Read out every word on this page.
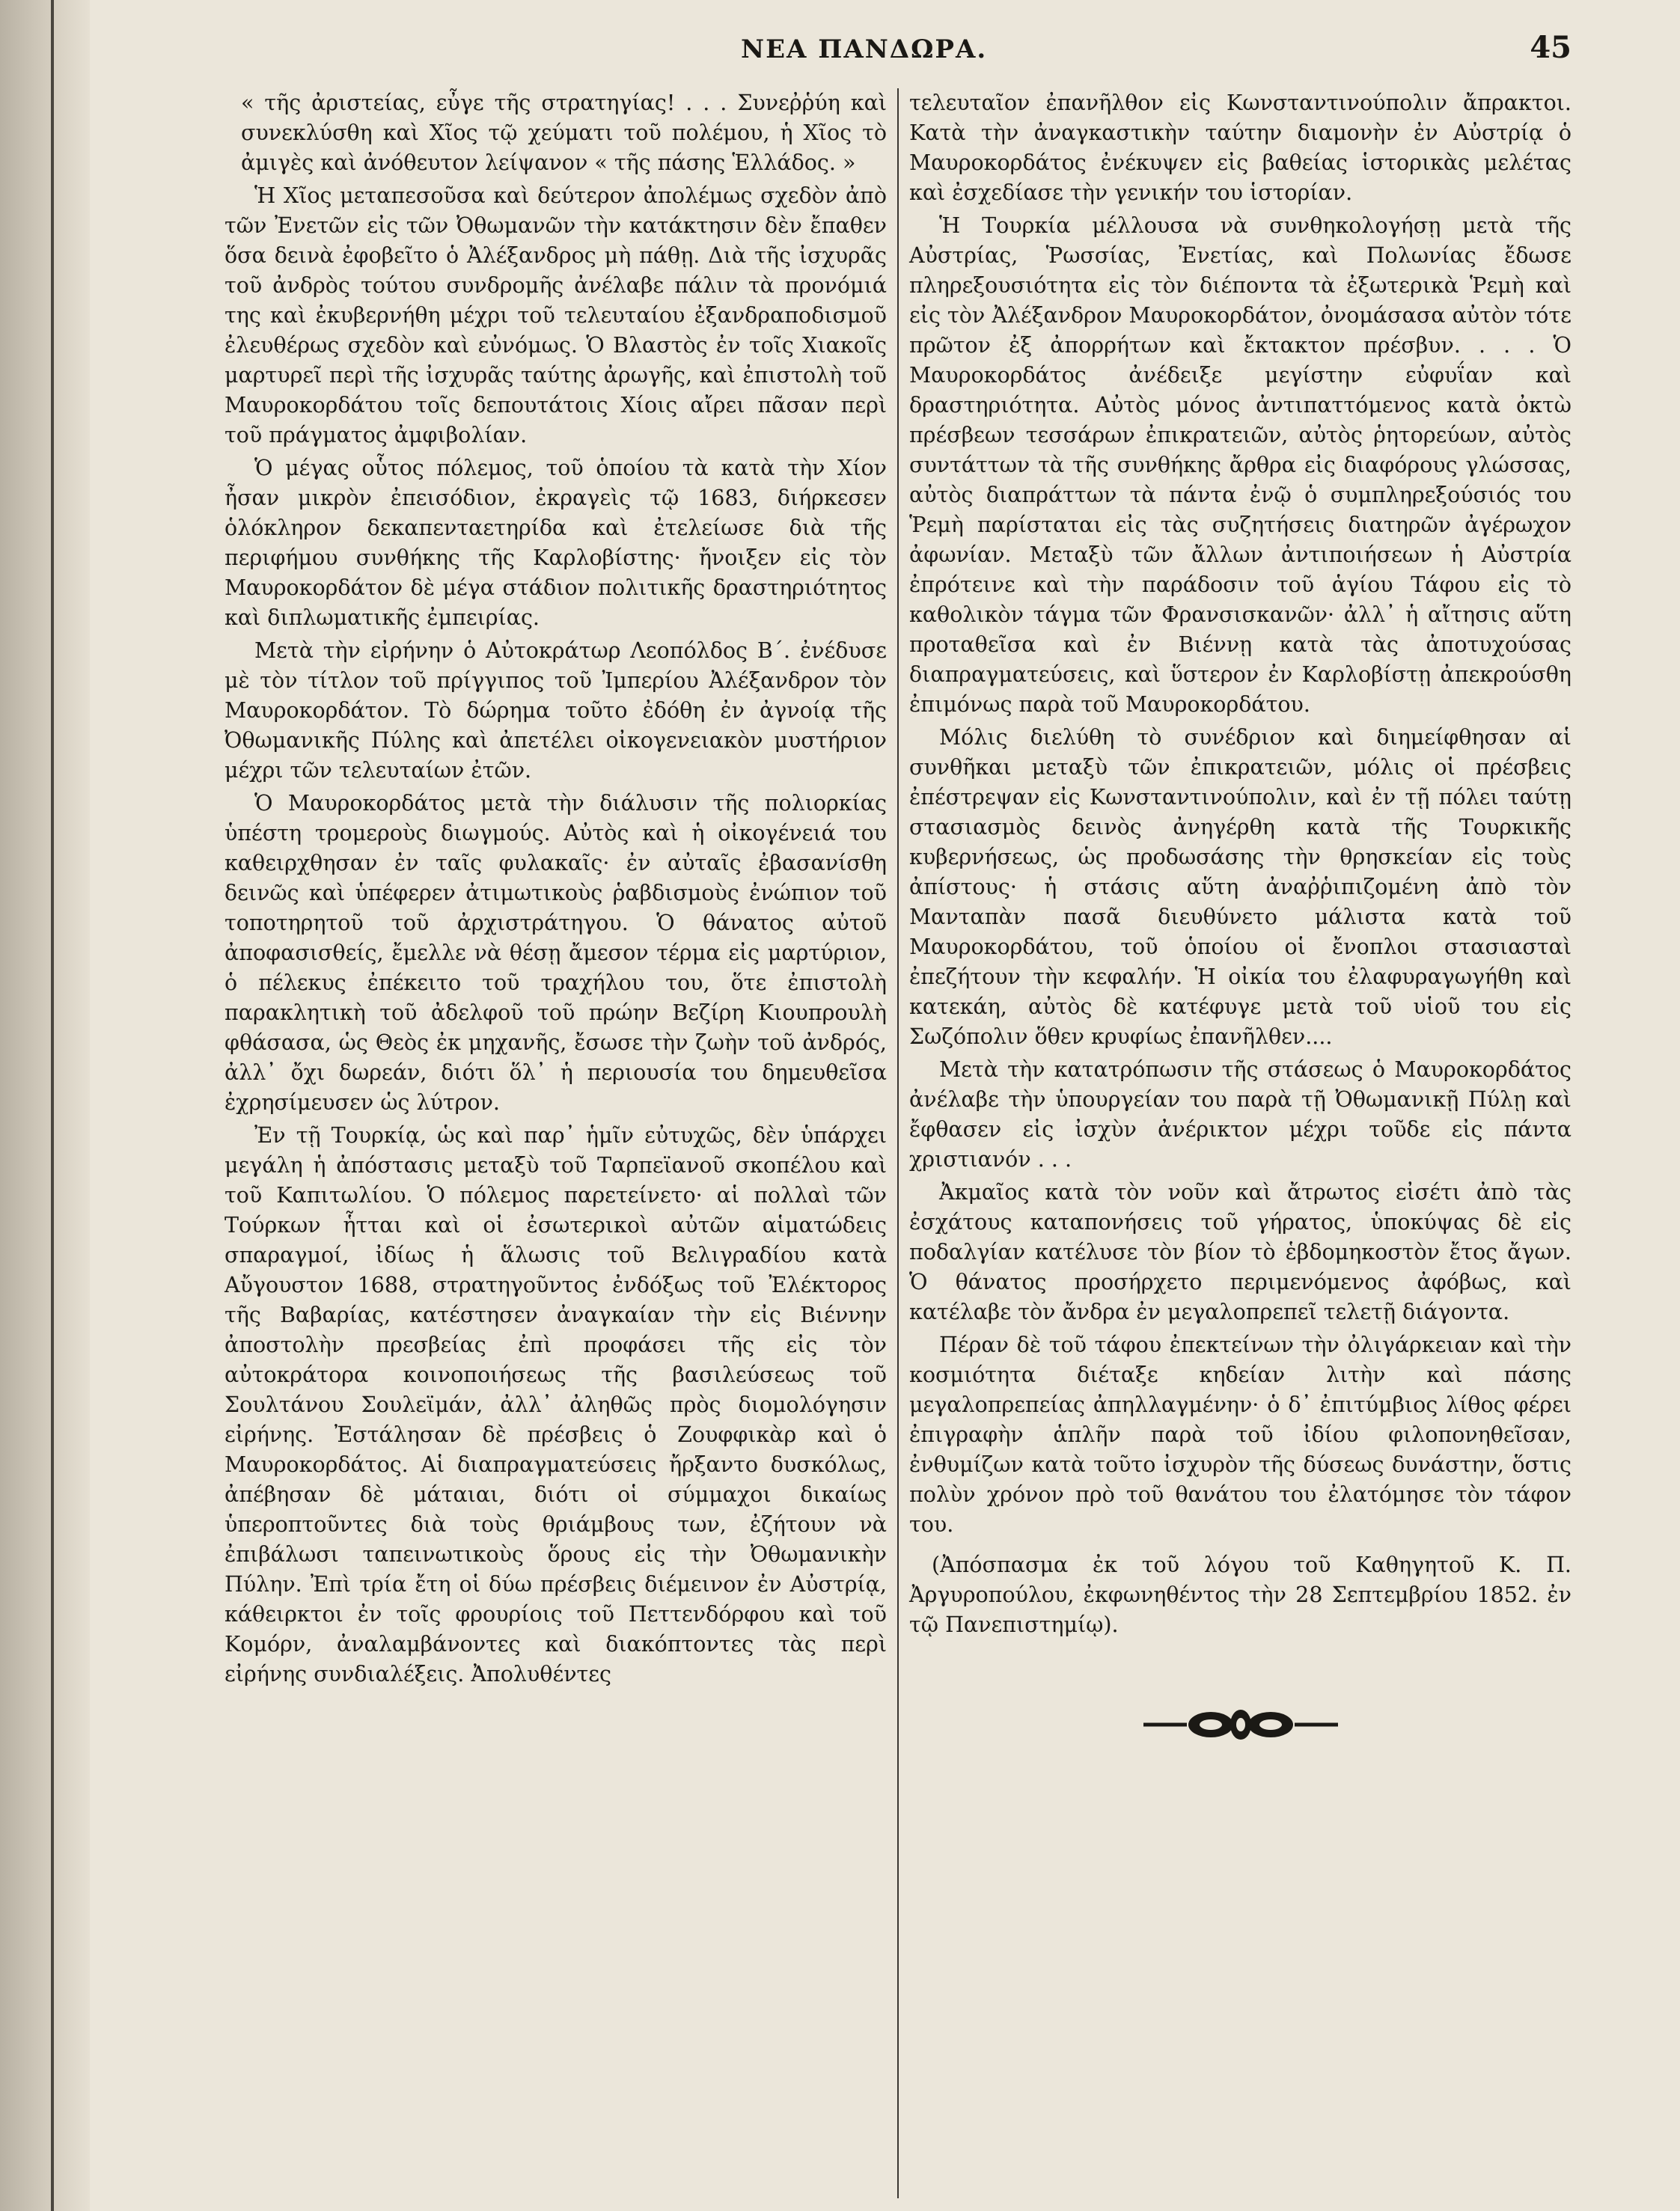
ΝΕΑ ΠΑΝΔΩΡΑ.	45

« τῆς ἀριστείας, εὖγε τῆς στρατηγίας! . . . Συνεῤῥύη καὶ συνεκλύσθη καὶ Χῖος τῷ χεύματι τοῦ πολέμου, ἡ Χῖος τὸ ἀμιγὲς καὶ ἀνόθευτον λείψανον « τῆς πάσης Ἑλλάδος. »

Ἡ Χῖος μεταπεσοῦσα καὶ δεύτερον ἀπολέμως σχεδὸν ἀπὸ τῶν Ἐνετῶν εἰς τῶν Ὀθωμανῶν τὴν κατάκτησιν δὲν ἔπαθεν ὅσα δεινὰ ἐφοβεῖτο ὁ Ἀλέξανδρος μὴ πάθῃ. Διὰ τῆς ἰσχυρᾶς τοῦ ἀνδρὸς τούτου συνδρομῆς ἀνέλαβε πάλιν τὰ προνόμιά της καὶ ἐκυβερνήθη μέχρι τοῦ τελευταίου ἐξανδραποδισμοῦ ἐλευθέρως σχεδὸν καὶ εὐνόμως. Ὁ Βλαστὸς ἐν τοῖς Χιακοῖς μαρτυρεῖ περὶ τῆς ἰσχυρᾶς ταύτης ἀρωγῆς, καὶ ἐπιστολὴ τοῦ Μαυροκορδάτου τοῖς δεπουτάτοις Χίοις αἴρει πᾶσαν περὶ τοῦ πράγματος ἀμφιβολίαν.

Ὁ μέγας οὗτος πόλεμος, τοῦ ὁποίου τὰ κατὰ τὴν Χίον ἦσαν μικρὸν ἐπεισόδιον, ἐκραγεὶς τῷ 1683, διήρκεσεν ὁλόκληρον δεκαπενταετηρίδα καὶ ἐτελείωσε διὰ τῆς περιφήμου συνθήκης τῆς Καρλοβίστης· ἤνοιξεν εἰς τὸν Μαυροκορδάτον δὲ μέγα στάδιον πολιτικῆς δραστηριότητος καὶ διπλωματικῆς ἐμπειρίας.

Μετὰ τὴν εἰρήνην ὁ Αὐτοκράτωρ Λεοπόλδος Β΄. ἐνέδυσε μὲ τὸν τίτλον τοῦ πρίγγιπος τοῦ Ἰμπερίου Ἀλέξανδρον τὸν Μαυροκορδάτον. Τὸ δώρημα τοῦτο ἐδόθη ἐν ἀγνοίᾳ τῆς Ὀθωμανικῆς Πύλης καὶ ἀπετέλει οἰκογενειακὸν μυστήριον μέχρι τῶν τελευταίων ἐτῶν.

Ὁ Μαυροκορδάτος μετὰ τὴν διάλυσιν τῆς πολιορκίας ὑπέστη τρομεροὺς διωγμούς. Αὐτὸς καὶ ἡ οἰκογένειά του καθειρχθησαν ἐν ταῖς φυλακαῖς· ἐν αὐταῖς ἐβασανίσθη δεινῶς καὶ ὑπέφερεν ἀτιμωτικοὺς ῥαβδισμοὺς ἐνώπιον τοῦ τοποτηρητοῦ τοῦ ἀρχιστράτηγου. Ὁ θάνατος αὐτοῦ ἀποφασισθείς, ἔμελλε νὰ θέσῃ ἄμεσον τέρμα εἰς μαρτύριον, ὁ πέλεκυς ἐπέκειτο τοῦ τραχήλου του, ὅτε ἐπιστολὴ παρακλητικὴ τοῦ ἀδελφοῦ τοῦ πρώην Βεζίρη Κιουπρουλὴ φθάσασα, ὡς Θεὸς ἐκ μηχανῆς, ἔσωσε τὴν ζωὴν τοῦ ἀνδρός, ἀλλ᾽ ὄχι δωρεάν, διότι ὅλ᾽ ἡ περιουσία του δημευθεῖσα ἐχρησίμευσεν ὡς λύτρον.

Ἐν τῇ Τουρκίᾳ, ὡς καὶ παρ᾽ ἡμῖν εὐτυχῶς, δὲν ὑπάρχει μεγάλη ἡ ἀπόστασις μεταξὺ τοῦ Ταρπεϊανοῦ σκοπέλου καὶ τοῦ Καπιτωλίου. Ὁ πόλεμος παρετείνετο· αἱ πολλαὶ τῶν Τούρκων ἧτται καὶ οἱ ἐσωτερικοὶ αὐτῶν αἱματώδεις σπαραγμοί, ἰδίως ἡ ἅλωσις τοῦ Βελιγραδίου κατὰ Αὔγουστον 1688, στρατηγοῦντος ἐνδόξως τοῦ Ἐλέκτορος τῆς Βαβαρίας, κατέστησεν ἀναγκαίαν τὴν εἰς Βιέννην ἀποστολὴν πρεσβείας ἐπὶ προφάσει τῆς εἰς τὸν αὐτοκράτορα κοινοποιήσεως τῆς βασιλεύσεως τοῦ Σουλτάνου Σουλεϊμάν, ἀλλ᾽ ἀληθῶς πρὸς διομολόγησιν εἰρήνης. Ἐστάλησαν δὲ πρέσβεις ὁ Ζουφφικὰρ καὶ ὁ Μαυροκορδάτος. Αἱ διαπραγματεύσεις ἤρξαντο δυσκόλως, ἀπέβησαν δὲ μάταιαι, διότι οἱ σύμμαχοι δικαίως ὑπεροπτοῦντες διὰ τοὺς θριάμβους των, ἐζήτουν νὰ ἐπιβάλωσι ταπεινωτικοὺς ὅρους εἰς τὴν Ὀθωμανικὴν Πύλην. Ἐπὶ τρία ἔτη οἱ δύω πρέσβεις διέμεινον ἐν Αὐστρίᾳ, κάθειρκτοι ἐν τοῖς φρουρίοις τοῦ Πεττενδόρφου καὶ τοῦ Κομόρν, ἀναλαμβάνοντες καὶ διακόπτοντες τὰς περὶ εἰρήνης συνδιαλέξεις. Ἀπολυθέντες

τελευταῖον ἐπανῆλθον εἰς Κωνσταντινούπολιν ἄπρακτοι. Κατὰ τὴν ἀναγκαστικὴν ταύτην διαμονὴν ἐν Αὐστρίᾳ ὁ Μαυροκορδάτος ἐνέκυψεν εἰς βαθείας ἱστορικὰς μελέτας καὶ ἐσχεδίασε τὴν γενικήν του ἱστορίαν.

Ἡ Τουρκία μέλλουσα νὰ συνθηκολογήσῃ μετὰ τῆς Αὐστρίας, Ῥωσσίας, Ἐνετίας, καὶ Πολωνίας ἔδωσε πληρεξουσιότητα εἰς τὸν διέποντα τὰ ἐξωτερικὰ Ῥεμὴ καὶ εἰς τὸν Ἀλέξανδρον Μαυροκορδάτον, ὀνομάσασα αὐτὸν τότε πρῶτον ἐξ ἀπορρήτων καὶ ἔκτακτον πρέσβυν. . . . Ὁ Μαυροκορδάτος ἀνέδειξε μεγίστην εὐφυΐαν καὶ δραστηριότητα. Αὐτὸς μόνος ἀντιπαττόμενος κατὰ ὀκτὼ πρέσβεων τεσσάρων ἐπικρατειῶν, αὐτὸς ῥητορεύων, αὐτὸς συντάττων τὰ τῆς συνθήκης ἄρθρα εἰς διαφόρους γλώσσας, αὐτὸς διαπράττων τὰ πάντα ἐνῷ ὁ συμπληρεξούσιός του Ῥεμὴ παρίσταται εἰς τὰς συζητήσεις διατηρῶν ἀγέρωχον ἀφωνίαν. Μεταξὺ τῶν ἄλλων ἀντιποιήσεων ἡ Αὐστρία ἐπρότεινε καὶ τὴν παράδοσιν τοῦ ἁγίου Τάφου εἰς τὸ καθολικὸν τάγμα τῶν Φρανσισκανῶν· ἀλλ᾽ ἡ αἴτησις αὕτη προταθεῖσα καὶ ἐν Βιέννῃ κατὰ τὰς ἀποτυχούσας διαπραγματεύσεις, καὶ ὕστερον ἐν Καρλοβίστῃ ἀπεκρούσθη ἐπιμόνως παρὰ τοῦ Μαυροκορδάτου.

Μόλις διελύθη τὸ συνέδριον καὶ διημείφθησαν αἱ συνθῆκαι μεταξὺ τῶν ἐπικρατειῶν, μόλις οἱ πρέσβεις ἐπέστρεψαν εἰς Κωνσταντινούπολιν, καὶ ἐν τῇ πόλει ταύτῃ στασιασμὸς δεινὸς ἀνηγέρθη κατὰ τῆς Τουρκικῆς κυβερνήσεως, ὡς προδωσάσης τὴν θρησκείαν εἰς τοὺς ἀπίστους· ἡ στάσις αὕτη ἀναῤῥιπιζομένη ἀπὸ τὸν Μανταπὰν πασᾶ διευθύνετο μάλιστα κατὰ τοῦ Μαυροκορδάτου, τοῦ ὁποίου οἱ ἔνοπλοι στασιασταὶ ἐπεζήτουν τὴν κεφαλήν. Ἡ οἰκία του ἐλαφυραγωγήθη καὶ κατεκάη, αὐτὸς δὲ κατέφυγε μετὰ τοῦ υἱοῦ του εἰς Σωζόπολιν ὅθεν κρυφίως ἐπανῆλθεν....

Μετὰ τὴν κατατρόπωσιν τῆς στάσεως ὁ Μαυροκορδάτος ἀνέλαβε τὴν ὑπουργείαν του παρὰ τῇ Ὀθωμανικῇ Πύλῃ καὶ ἔφθασεν εἰς ἰσχὺν ἀνέρικτον μέχρι τοῦδε εἰς πάντα χριστιανόν . . .

Ἀκμαῖος κατὰ τὸν νοῦν καὶ ἄτρωτος εἰσέτι ἀπὸ τὰς ἐσχάτους καταπονήσεις τοῦ γήρατος, ὑποκύψας δὲ εἰς ποδαλγίαν κατέλυσε τὸν βίον τὸ ἑβδομηκοστὸν ἔτος ἄγων. Ὁ θάνατος προσήρχετο περιμενόμενος ἀφόβως, καὶ κατέλαβε τὸν ἄνδρα ἐν μεγαλοπρεπεῖ τελετῇ διάγοντα.

Πέραν δὲ τοῦ τάφου ἐπεκτείνων τὴν ὀλιγάρκειαν καὶ τὴν κοσμιότητα διέταξε κηδείαν λιτὴν καὶ πάσης μεγαλοπρεπείας ἀπηλλαγμένην· ὁ δ᾽ ἐπιτύμβιος λίθος φέρει ἐπιγραφὴν ἁπλῆν παρὰ τοῦ ἰδίου φιλοπονηθεῖσαν, ἐνθυμίζων κατὰ τοῦτο ἰσχυρὸν τῆς δύσεως δυνάστην, ὅστις πολὺν χρόνον πρὸ τοῦ θανάτου του ἐλατόμησε τὸν τάφον του.

(Ἀπόσπασμα ἐκ τοῦ λόγου τοῦ Καθηγητοῦ Κ. Π. Ἀργυροπούλου, ἐκφωνηθέντος τὴν 28 Σεπτεμβρίου 1852. ἐν τῷ Πανεπιστημίῳ).
